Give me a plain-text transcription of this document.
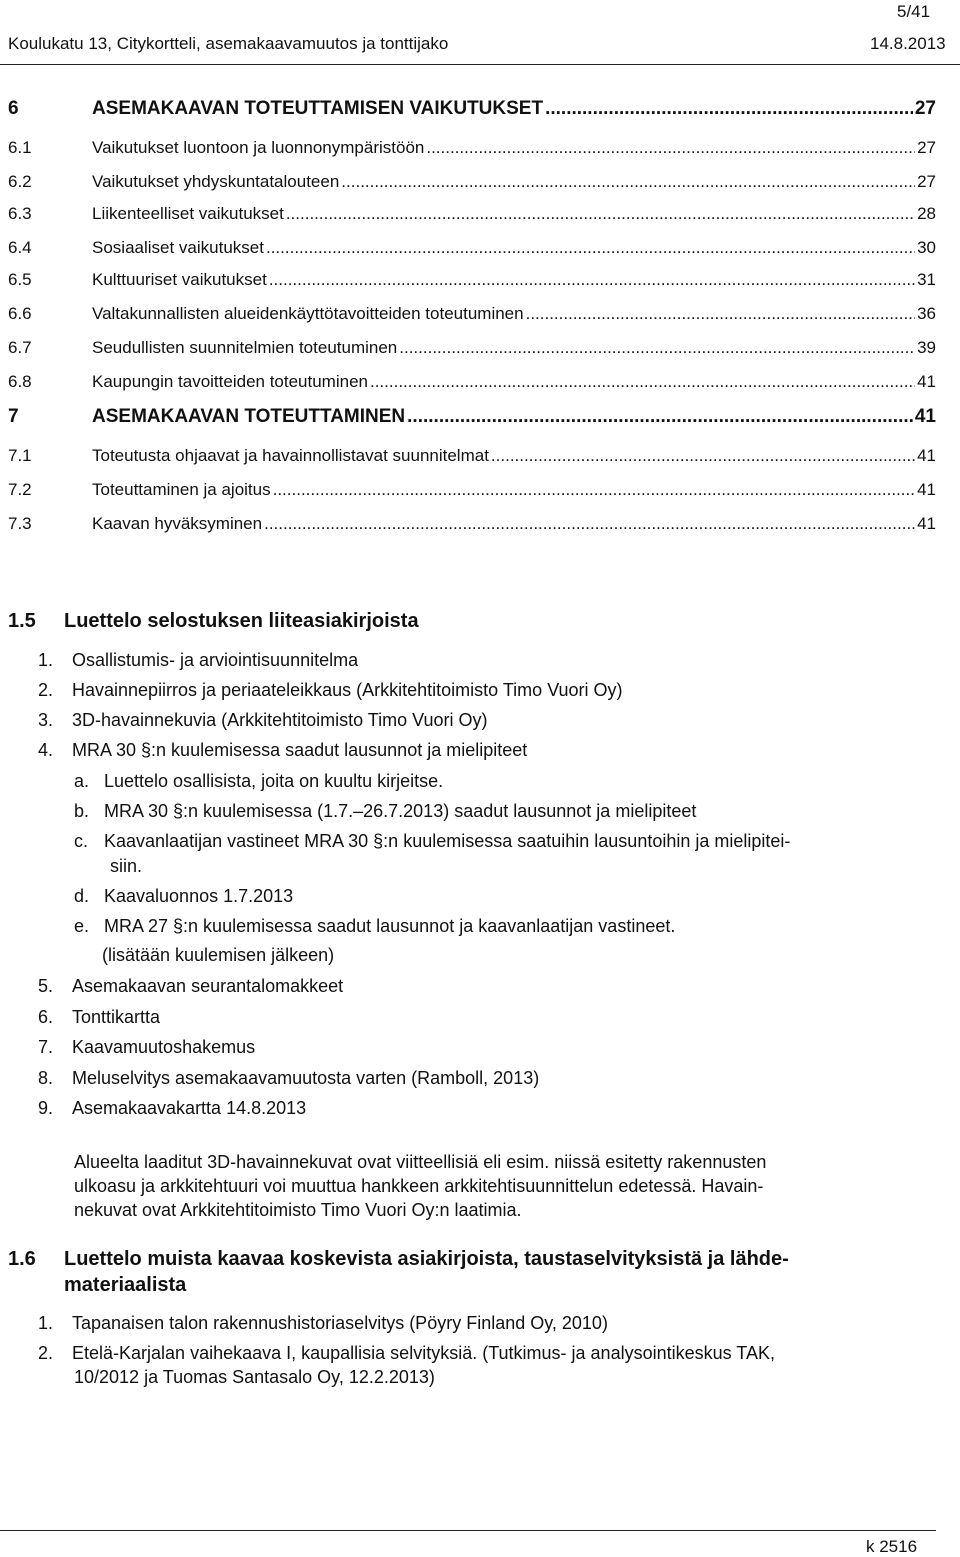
5/41
Koulukatu 13, Citykortteli, asemakaavamuutos ja tonttijako	14.8.2013
6	ASEMAKAAVAN TOTEUTTAMISEN VAIKUTUKSET .....	27
6.1	Vaikutukset luontoon ja luonnonympäristöön .....	27
6.2	Vaikutukset yhdyskuntatalouteen .....	27
6.3	Liikenteelliset vaikutukset .....	28
6.4	Sosiaaliset vaikutukset .....	30
6.5	Kulttuuriset vaikutukset .....	31
6.6	Valtakunnallisten alueidenkäyttötavoitteiden toteutuminen .....	36
6.7	Seudullisten suunnitelmien toteutuminen .....	39
6.8	Kaupungin tavoitteiden toteutuminen .....	41
7	ASEMAKAAVAN TOTEUTTAMINEN .....	41
7.1	Toteutusta ohjaavat ja havainnollistavat suunnitelmat .....	41
7.2	Toteuttaminen ja ajoitus .....	41
7.3	Kaavan hyväksyminen .....	41
1.5 Luettelo selostuksen liiteasiakirjoista
1. Osallistumis- ja arviointisuunnitelma
2. Havainnepiirros ja periaateleikkaus (Arkkitehtitoimisto Timo Vuori Oy)
3. 3D-havainnekuvia (Arkkitehtitoimisto Timo Vuori Oy)
4. MRA 30 §:n kuulemisessa saadut lausunnot ja mielipiteet
a. Luettelo osallisista, joita on kuultu kirjeitse.
b. MRA 30 §:n kuulemisessa (1.7.–26.7.2013) saadut lausunnot ja mielipiteet
c. Kaavanlaatijan vastineet MRA 30 §:n kuulemisessa saatuihin lausuntoihin ja mielipitei-
siin.
d. Kaavaluonnos 1.7.2013
e. MRA 27 §:n kuulemisessa saadut lausunnot ja kaavanlaatijan vastineet.
(lisätään kuulemisen jälkeen)
5. Asemakaavan seurantalomakkeet
6. Tonttikartta
7. Kaavamuutoshakemus
8. Meluselvitys asemakaavamuutosta varten (Ramboll, 2013)
9. Asemakaavakartta 14.8.2013
Alueelta laaditut 3D-havainnekuvat ovat viitteellisiä eli esim. niissä esitetty rakennusten
ulkoasu ja arkkitehtuuri voi muuttua hankkeen arkkitehtisuunnittelun edetessä. Havain-
nekuvat ovat Arkkitehtitoimisto Timo Vuori Oy:n laatimia.
1.6 Luettelo muista kaavaa koskevista asiakirjoista, taustaselvityksistä ja lähde-
materiaalista
1. Tapanaisen talon rakennushistoriaselvitys (Pöyry Finland Oy, 2010)
2. Etelä-Karjalan vaihekaava I, kaupallisia selvityksiä. (Tutkimus- ja analysointikeskus TAK,
10/2012 ja Tuomas Santasalo Oy, 12.2.2013)
k 2516
